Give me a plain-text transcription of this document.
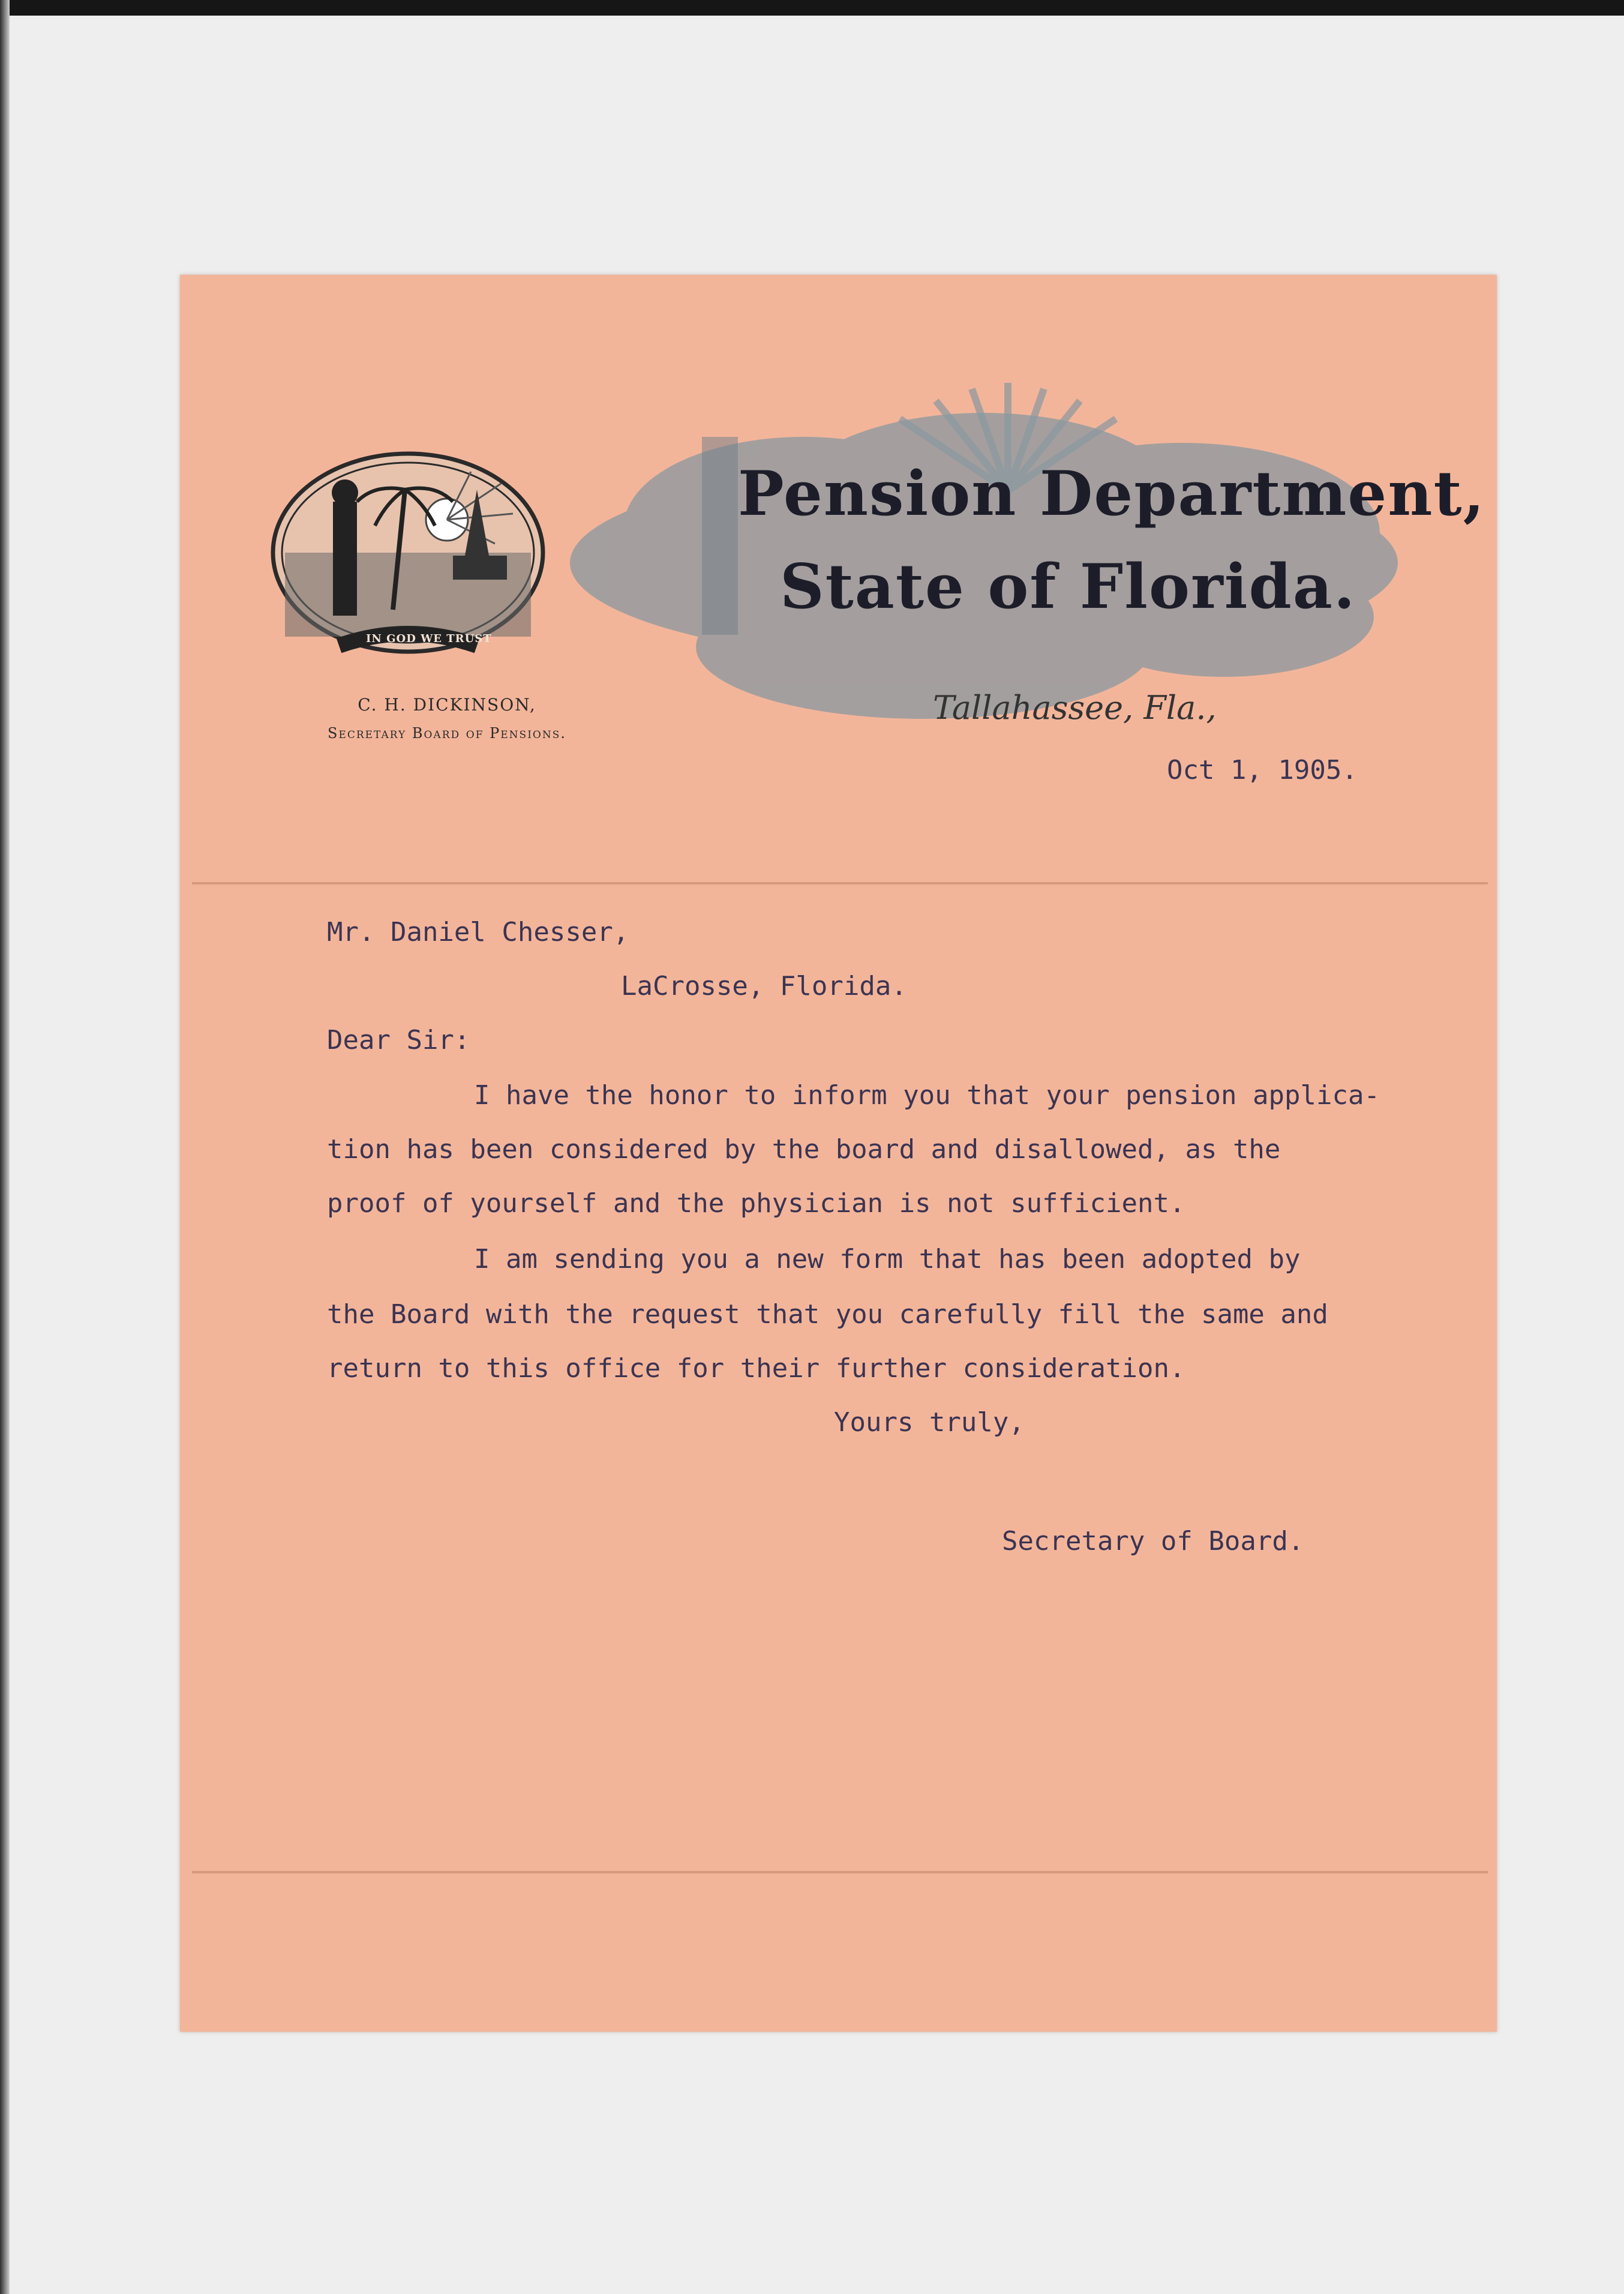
IN GOD WE TRUST
Pension Department,
State of Florida.
Tallahassee, Fla.,
C. H. DICKINSON,
Secretary Board of Pensions.
Oct 1, 1905.
Mr. Daniel Chesser,
LaCrosse, Florida.
Dear Sir:
I have the honor to inform you that your pension applica-
tion has been considered by the board and disallowed, as the
proof of yourself and the physician is not sufficient.
I am sending you a new form that has been adopted by
the Board with the request that you carefully fill the same and
return to this office for their further consideration.
Yours truly,
Secretary of Board.
